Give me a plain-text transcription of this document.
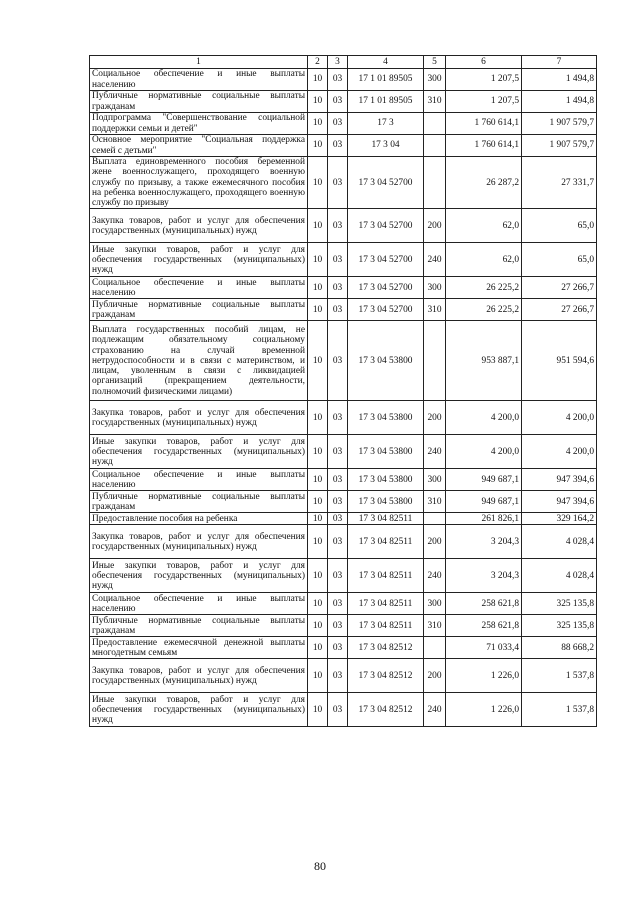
1	2	3	4	5	6	7
Социальное обеспечение и иные выплаты населению	10	03	17 1 01 89505	300	1 207,5	1 494,8
Публичные нормативные социальные выплаты гражданам	10	03	17 1 01 89505	310	1 207,5	1 494,8
Подпрограмма "Совершенствование социальной поддержки семьи и детей"	10	03	17 3		1 760 614,1	1 907 579,7
Основное мероприятие "Социальная поддержка семей с детьми"	10	03	17 3 04		1 760 614,1	1 907 579,7
Выплата единовременного пособия беременной жене военнослужащего, проходящего военную службу по призыву, а также ежемесячного пособия на ребенка военнослужащего, проходящего военную службу по призыву	10	03	17 3 04 52700		26 287,2	27 331,7
Закупка товаров, работ и услуг для обеспечения государственных (муниципальных) нужд	10	03	17 3 04 52700	200	62,0	65,0
Иные закупки товаров, работ и услуг для обеспечения государственных (муниципальных) нужд	10	03	17 3 04 52700	240	62,0	65,0
Социальное обеспечение и иные выплаты населению	10	03	17 3 04 52700	300	26 225,2	27 266,7
Публичные нормативные социальные выплаты гражданам	10	03	17 3 04 52700	310	26 225,2	27 266,7
Выплата государственных пособий лицам, не подлежащим обязательному социальному страхованию на случай временной нетрудоспособности и в связи с материнством, и лицам, уволенным в связи с ликвидацией организаций (прекращением деятельности, полномочий физическими лицами)	10	03	17 3 04 53800		953 887,1	951 594,6
Закупка товаров, работ и услуг для обеспечения государственных (муниципальных) нужд	10	03	17 3 04 53800	200	4 200,0	4 200,0
Иные закупки товаров, работ и услуг для обеспечения государственных (муниципальных) нужд	10	03	17 3 04 53800	240	4 200,0	4 200,0
Социальное обеспечение и иные выплаты населению	10	03	17 3 04 53800	300	949 687,1	947 394,6
Публичные нормативные социальные выплаты гражданам	10	03	17 3 04 53800	310	949 687,1	947 394,6
Предоставление пособия на ребенка	10	03	17 3 04 82511		261 826,1	329 164,2
Закупка товаров, работ и услуг для обеспечения государственных (муниципальных) нужд	10	03	17 3 04 82511	200	3 204,3	4 028,4
Иные закупки товаров, работ и услуг для обеспечения государственных (муниципальных) нужд	10	03	17 3 04 82511	240	3 204,3	4 028,4
Социальное обеспечение и иные выплаты населению	10	03	17 3 04 82511	300	258 621,8	325 135,8
Публичные нормативные социальные выплаты гражданам	10	03	17 3 04 82511	310	258 621,8	325 135,8
Предоставление ежемесячной денежной выплаты многодетным семьям	10	03	17 3 04 82512		71 033,4	88 668,2
Закупка товаров, работ и услуг для обеспечения государственных (муниципальных) нужд	10	03	17 3 04 82512	200	1 226,0	1 537,8
Иные закупки товаров, работ и услуг для обеспечения государственных (муниципальных) нужд	10	03	17 3 04 82512	240	1 226,0	1 537,8
80
